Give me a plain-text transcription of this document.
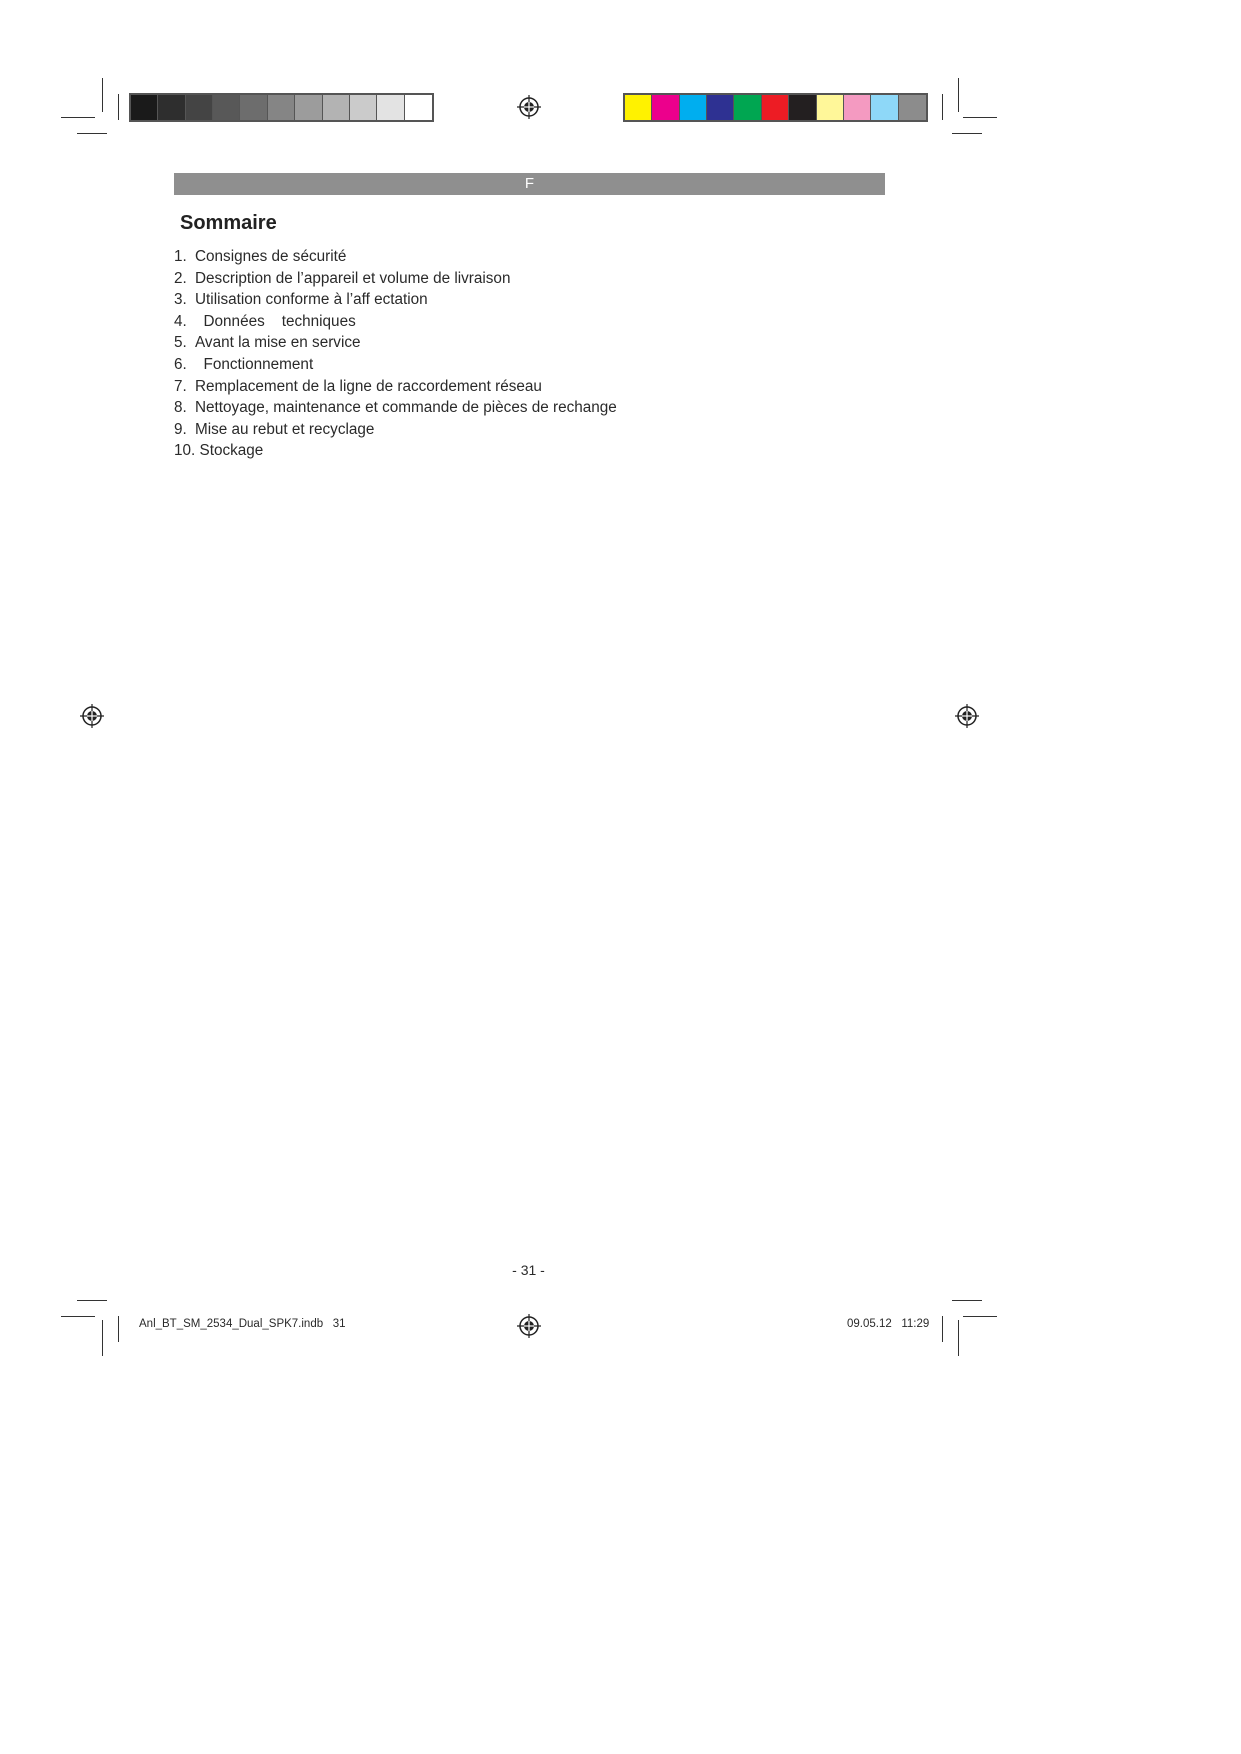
F
Sommaire
1. Consignes de sécurité
2. Description de l’appareil et volume de livraison
3. Utilisation conforme à l’aff ectation
4. Données    techniques
5. Avant la mise en service
6. Fonctionnement
7. Remplacement de la ligne de raccordement réseau
8. Nettoyage, maintenance et commande de pièces de rechange
9. Mise au rebut et recyclage
10. Stockage
- 31 -
Anl_BT_SM_2534_Dual_SPK7.indb   31	09.05.12   11:29
